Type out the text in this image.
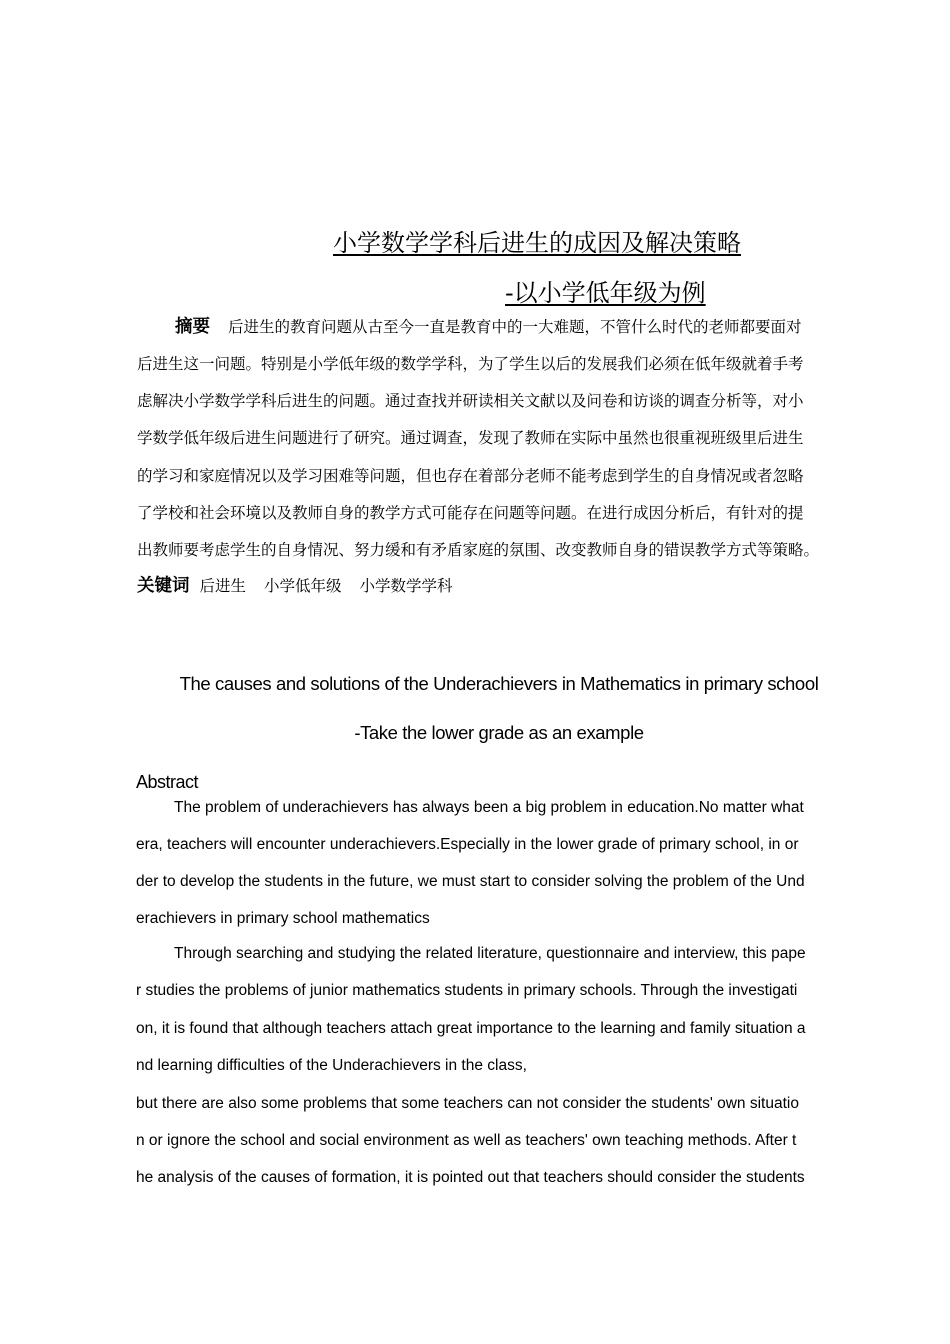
小学数学学科后进生的成因及解决策略
-以小学低年级为例
摘要 后进生的教育问题从古至今一直是教育中的一大难题，不管什么时代的老师都要面对
后进生这一问题。特别是小学低年级的数学学科，为了学生以后的发展我们必须在低年级就着手考
虑解决小学数学学科后进生的问题。通过查找并研读相关文献以及问卷和访谈的调查分析等，对小
学数学低年级后进生问题进行了研究。通过调查，发现了教师在实际中虽然也很重视班级里后进生
的学习和家庭情况以及学习困难等问题，但也存在着部分老师不能考虑到学生的自身情况或者忽略
了学校和社会环境以及教师自身的教学方式可能存在问题等问题。在进行成因分析后，有针对的提
出教师要考虑学生的自身情况、努力缓和有矛盾家庭的氛围、改变教师自身的错误教学方式等策略。
关键词 后进生 小学低年级 小学数学学科
The causes and solutions of the Underachievers in Mathematics in primary school
-Take the lower grade as an example
Abstract
The problem of underachievers has always been a big problem in education.No matter what
era, teachers will encounter underachievers.Especially in the lower grade of primary school, in or
der to develop the students in the future, we must start to consider solving the problem of the Und
erachievers in primary school mathematics
Through searching and studying the related literature, questionnaire and interview, this pape
r studies the problems of junior mathematics students in primary schools. Through the investigati
on, it is found that although teachers attach great importance to the learning and family situation a
nd learning difficulties of the Underachievers in the class,
but there are also some problems that some teachers can not consider the students' own situatio
n or ignore the school and social environment as well as teachers' own teaching methods. After t
he analysis of the causes of formation, it is pointed out that teachers should consider the students
